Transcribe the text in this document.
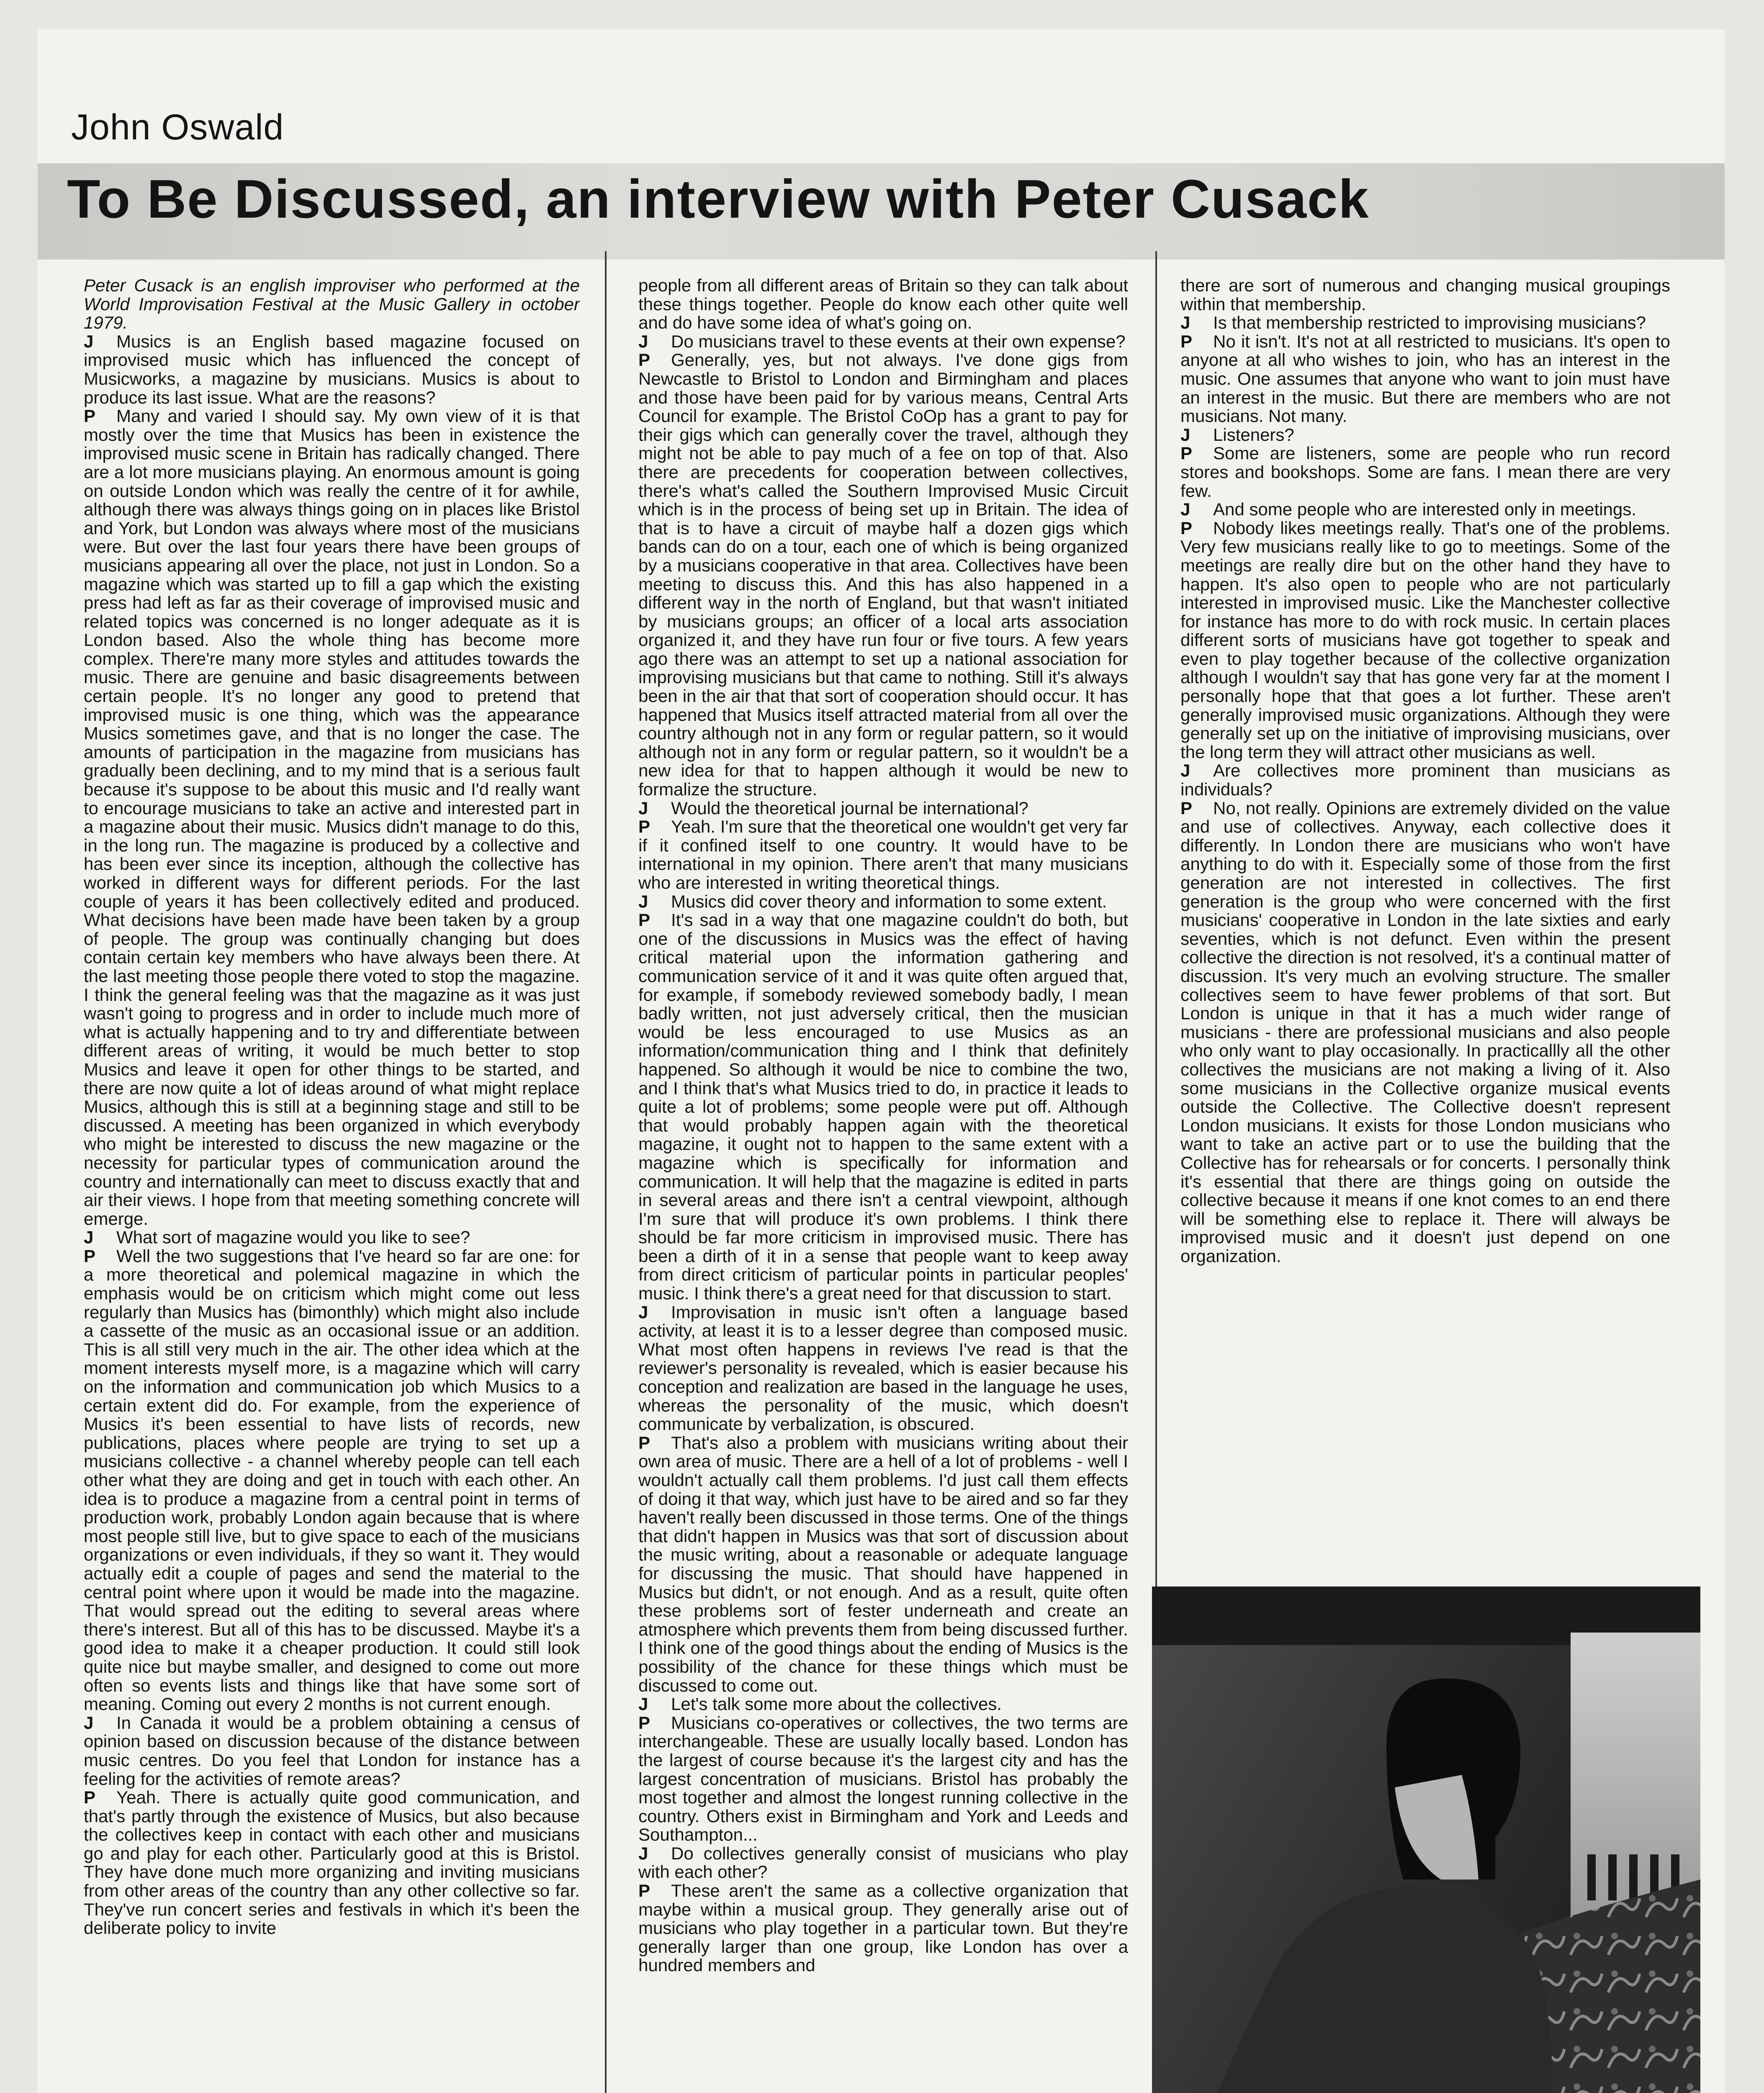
John Oswald
To Be Discussed, an interview with Peter Cusack

Peter Cusack is an english improviser who performed at the World Improvisation Festival at the Music Gallery in october 1979.

J Musics is an English based magazine focused on improvised music which has influenced the concept of Musicworks, a magazine by musicians. Musics is about to produce its last issue. What are the reasons?

P Many and varied I should say. My own view of it is that mostly over the time that Musics has been in existence the improvised music scene in Britain has radically changed. There are a lot more musicians playing. An enormous amount is going on outside London which was really the centre of it for awhile, although there was always things going on in places like Bristol and York, but London was always where most of the musicians were. But over the last four years there have been groups of musicians appearing all over the place, not just in London. So a magazine which was started up to fill a gap which the existing press had left as far as their coverage of improvised music and related topics was concerned is no longer adequate as it is London based. Also the whole thing has become more complex. There're many more styles and attitudes towards the music. There are genuine and basic disagreements between certain people. It's no longer any good to pretend that improvised music is one thing, which was the appearance Musics sometimes gave, and that is no longer the case. The amounts of participation in the magazine from musicians has gradually been declining, and to my mind that is a serious fault because it's suppose to be about this music and I'd really want to encourage musicians to take an active and interested part in a magazine about their music. Musics didn't manage to do this, in the long run. The magazine is produced by a collective and has been ever since its inception, although the collective has worked in different ways for different periods. For the last couple of years it has been collectively edited and produced. What decisions have been made have been taken by a group of people. The group was continually changing but does contain certain key members who have always been there. At the last meeting those people there voted to stop the magazine. I think the general feeling was that the magazine as it was just wasn't going to progress and in order to include much more of what is actually happening and to try and differentiate between different areas of writing, it would be much better to stop Musics and leave it open for other things to be started, and there are now quite a lot of ideas around of what might replace Musics, although this is still at a beginning stage and still to be discussed. A meeting has been organized in which everybody who might be interested to discuss the new magazine or the necessity for particular types of communication around the country and internationally can meet to discuss exactly that and air their views. I hope from that meeting something concrete will emerge.

J What sort of magazine would you like to see?

P Well the two suggestions that I've heard so far are one: for a more theoretical and polemical magazine in which the emphasis would be on criticism which might come out less regularly than Musics has (bimonthly) which might also include a cassette of the music as an occasional issue or an addition. This is all still very much in the air. The other idea which at the moment interests myself more, is a magazine which will carry on the information and communication job which Musics to a certain extent did do. For example, from the experience of Musics it's been essential to have lists of records, new publications, places where people are trying to set up a musicians collective - a channel whereby people can tell each other what they are doing and get in touch with each other. An idea is to produce a magazine from a central point in terms of production work, probably London again because that is where most people still live, but to give space to each of the musicians organizations or even individuals, if they so want it. They would actually edit a couple of pages and send the material to the central point where upon it would be made into the magazine. That would spread out the editing to several areas where there's interest. But all of this has to be discussed. Maybe it's a good idea to make it a cheaper production. It could still look quite nice but maybe smaller, and designed to come out more often so events lists and things like that have some sort of meaning. Coming out every 2 months is not current enough.

J In Canada it would be a problem obtaining a census of opinion based on discussion because of the distance between music centres. Do you feel that London for instance has a feeling for the activities of remote areas?

P Yeah. There is actually quite good communication, and that's partly through the existence of Musics, but also because the collectives keep in contact with each other and musicians go and play for each other. Particularly good at this is Bristol. They have done much more organizing and inviting musicians from other areas of the country than any other collective so far. They've run concert series and festivals in which it's been the deliberate policy to invite

people from all different areas of Britain so they can talk about these things together. People do know each other quite well and do have some idea of what's going on.

J Do musicians travel to these events at their own expense?

P Generally, yes, but not always. I've done gigs from Newcastle to Bristol to London and Birmingham and places and those have been paid for by various means, Central Arts Council for example. The Bristol CoOp has a grant to pay for their gigs which can generally cover the travel, although they might not be able to pay much of a fee on top of that. Also there are precedents for cooperation between collectives, there's what's called the Southern Improvised Music Circuit which is in the process of being set up in Britain. The idea of that is to have a circuit of maybe half a dozen gigs which bands can do on a tour, each one of which is being organized by a musicians cooperative in that area. Collectives have been meeting to discuss this. And this has also happened in a different way in the north of England, but that wasn't initiated by musicians groups; an officer of a local arts association organized it, and they have run four or five tours. A few years ago there was an attempt to set up a national association for improvising musicians but that came to nothing. Still it's always been in the air that that sort of cooperation should occur. It has happened that Musics itself attracted material from all over the country although not in any form or regular pattern, so it would although not in any form or regular pattern, so it wouldn't be a new idea for that to happen although it would be new to formalize the structure.

J Would the theoretical journal be international?

P Yeah. I'm sure that the theoretical one wouldn't get very far if it confined itself to one country. It would have to be international in my opinion. There aren't that many musicians who are interested in writing theoretical things.

J Musics did cover theory and information to some extent.

P It's sad in a way that one magazine couldn't do both, but one of the discussions in Musics was the effect of having critical material upon the information gathering and communication service of it and it was quite often argued that, for example, if somebody reviewed somebody badly, I mean badly written, not just adversely critical, then the musician would be less encouraged to use Musics as an information/communication thing and I think that definitely happened. So although it would be nice to combine the two, and I think that's what Musics tried to do, in practice it leads to quite a lot of problems; some people were put off. Although that would probably happen again with the theoretical magazine, it ought not to happen to the same extent with a magazine which is specifically for information and communication. It will help that the magazine is edited in parts in several areas and there isn't a central viewpoint, although I'm sure that will produce it's own problems. I think there should be far more criticism in improvised music. There has been a dirth of it in a sense that people want to keep away from direct criticism of particular points in particular peoples' music. I think there's a great need for that discussion to start.

J Improvisation in music isn't often a language based activity, at least it is to a lesser degree than composed music. What most often happens in reviews I've read is that the reviewer's personality is revealed, which is easier because his conception and realization are based in the language he uses, whereas the personality of the music, which doesn't communicate by verbalization, is obscured.

P That's also a problem with musicians writing about their own area of music. There are a hell of a lot of problems - well I wouldn't actually call them problems. I'd just call them effects of doing it that way, which just have to be aired and so far they haven't really been discussed in those terms. One of the things that didn't happen in Musics was that sort of discussion about the music writing, about a reasonable or adequate language for discussing the music. That should have happened in Musics but didn't, or not enough. And as a result, quite often these problems sort of fester underneath and create an atmosphere which prevents them from being discussed further. I think one of the good things about the ending of Musics is the possibility of the chance for these things which must be discussed to come out.

J Let's talk some more about the collectives.

P Musicians co-operatives or collectives, the two terms are interchangeable. These are usually locally based. London has the largest of course because it's the largest city and has the largest concentration of musicians. Bristol has probably the most together and almost the longest running collective in the country. Others exist in Birmingham and York and Leeds and Southampton...

J Do collectives generally consist of musicians who play with each other?

P These aren't the same as a collective organization that maybe within a musical group. They generally arise out of musicians who play together in a particular town. But they're generally larger than one group, like London has over a hundred members and

there are sort of numerous and changing musical groupings within that membership.

J Is that membership restricted to improvising musicians?

P No it isn't. It's not at all restricted to musicians. It's open to anyone at all who wishes to join, who has an interest in the music. One assumes that anyone who want to join must have an interest in the music. But there are members who are not musicians. Not many.

J Listeners?

P Some are listeners, some are people who run record stores and bookshops. Some are fans. I mean there are very few.

J And some people who are interested only in meetings.

P Nobody likes meetings really. That's one of the problems. Very few musicians really like to go to meetings. Some of the meetings are really dire but on the other hand they have to happen. It's also open to people who are not particularly interested in improvised music. Like the Manchester collective for instance has more to do with rock music. In certain places different sorts of musicians have got together to speak and even to play together because of the collective organization although I wouldn't say that has gone very far at the moment I personally hope that that goes a lot further. These aren't generally improvised music organizations. Although they were generally set up on the initiative of improvising musicians, over the long term they will attract other musicians as well.

J Are collectives more prominent than musicians as individuals?

P No, not really. Opinions are extremely divided on the value and use of collectives. Anyway, each collective does it differently. In London there are musicians who won't have anything to do with it. Especially some of those from the first generation are not interested in collectives. The first generation is the group who were concerned with the first musicians' cooperative in London in the late sixties and early seventies, which is not defunct. Even within the present collective the direction is not resolved, it's a continual matter of discussion. It's very much an evolving structure. The smaller collectives seem to have fewer problems of that sort. But London is unique in that it has a much wider range of musicians - there are professional musicians and also people who only want to play occasionally. In practicallly all the other collectives the musicians are not making a living of it. Also some musicians in the Collective organize musical events outside the Collective. The Collective doesn't represent London musicians. It exists for those London musicians who want to take an active part or to use the building that the Collective has for rehearsals or for concerts. I personally think it's essential that there are things going on outside the collective because it means if one knot comes to an end there will be something else to replace it. There will always be improvised music and it doesn't just depend on one organization.
